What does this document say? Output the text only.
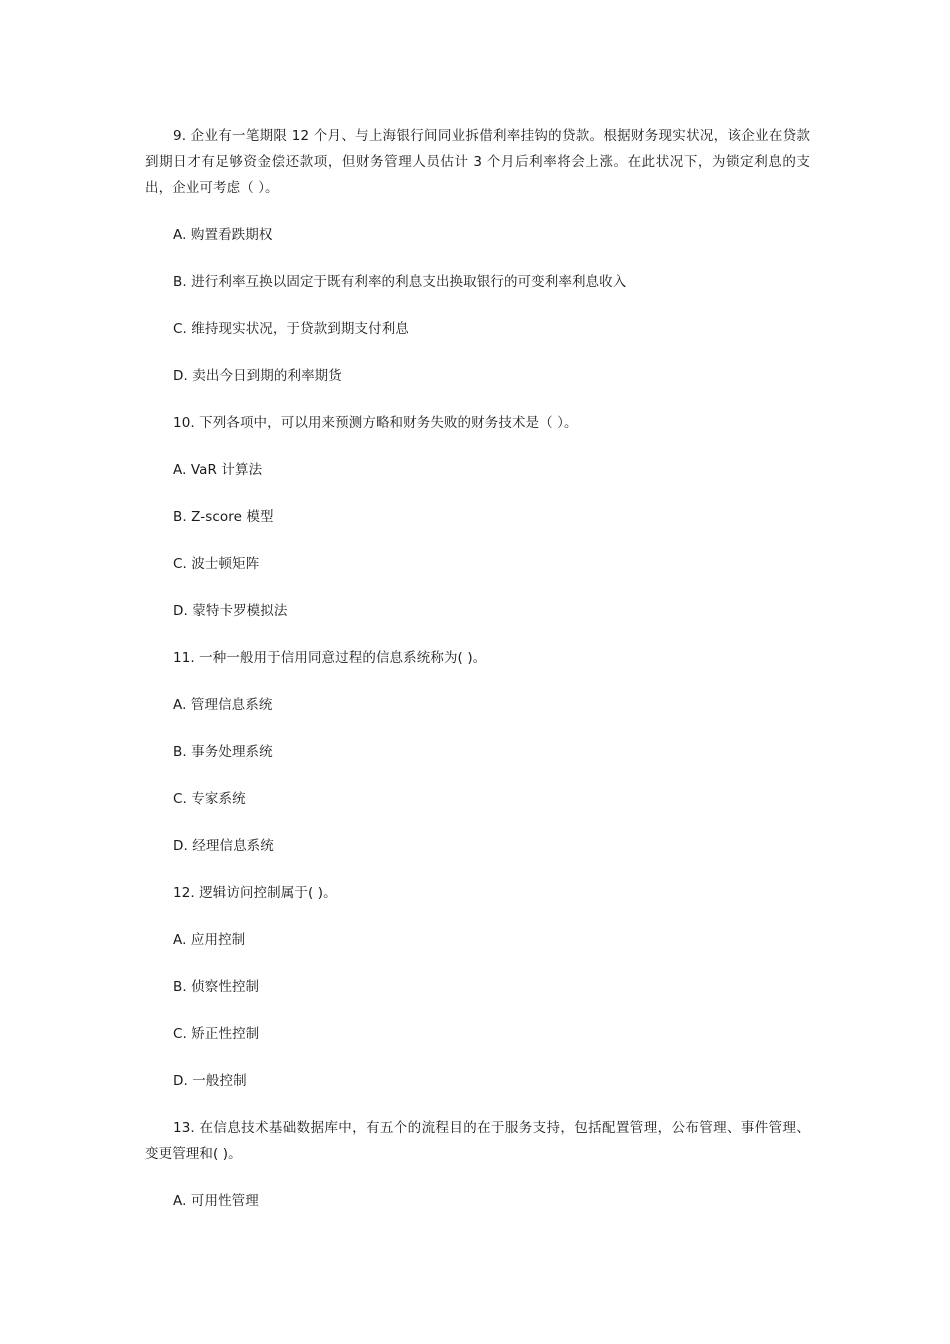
9. 企业有一笔期限 12 个月、与上海银行间同业拆借利率挂钩的贷款。根据财务现实状况，该企业在贷款到期日才有足够资金偿还款项，但财务管理人员估计 3 个月后利率将会上涨。在此状况下，为锁定利息的支出，企业可考虑（ ）。

A. 购置看跌期权

B. 进行利率互换以固定于既有利率的利息支出换取银行的可变利率利息收入

C. 维持现实状况，于贷款到期支付利息

D. 卖出今日到期的利率期货

10. 下列各项中，可以用来预测方略和财务失败的财务技术是（ ）。

A. VaR 计算法

B. Z-score 模型

C. 波士顿矩阵

D. 蒙特卡罗模拟法

11. 一种一般用于信用同意过程的信息系统称为( )。

A. 管理信息系统

B. 事务处理系统

C. 专家系统

D. 经理信息系统

12. 逻辑访问控制属于( )。

A. 应用控制

B. 侦察性控制

C. 矫正性控制

D. 一般控制

13. 在信息技术基础数据库中，有五个的流程目的在于服务支持，包括配置管理，公布管理、事件管理、变更管理和( )。

A. 可用性管理
